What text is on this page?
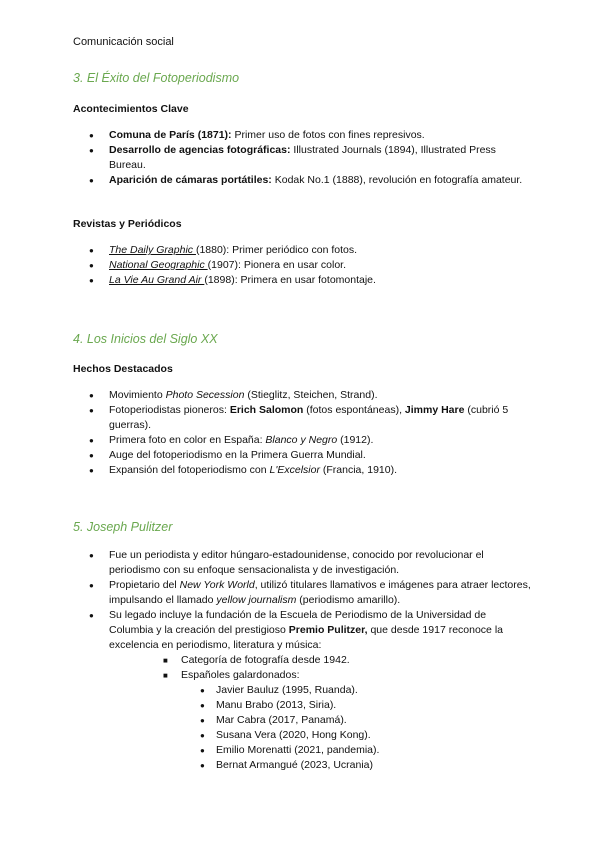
Comunicación social
3. El Éxito del Fotoperiodismo
Acontecimientos Clave
● Comuna de París (1871): Primer uso de fotos con fines represivos.
● Desarrollo de agencias fotográficas: Illustrated Journals (1894), Illustrated Press Bureau.
● Aparición de cámaras portátiles: Kodak No.1 (1888), revolución en fotografía amateur.
Revistas y Periódicos
● The Daily Graphic (1880): Primer periódico con fotos.
● National Geographic (1907): Pionera en usar color.
● La Vie Au Grand Air (1898): Primera en usar fotomontaje.
4. Los Inicios del Siglo XX
Hechos Destacados
● Movimiento Photo Secession (Stieglitz, Steichen, Strand).
● Fotoperiodistas pioneros: Erich Salomon (fotos espontáneas), Jimmy Hare (cubrió 5 guerras).
● Primera foto en color en España: Blanco y Negro (1912).
● Auge del fotoperiodismo en la Primera Guerra Mundial.
● Expansión del fotoperiodismo con L'Excelsior (Francia, 1910).
5. Joseph Pulitzer
● Fue un periodista y editor húngaro-estadounidense, conocido por revolucionar el periodismo con su enfoque sensacionalista y de investigación.
● Propietario del New York World, utilizó titulares llamativos e imágenes para atraer lectores, impulsando el llamado yellow journalism (periodismo amarillo).
● Su legado incluye la fundación de la Escuela de Periodismo de la Universidad de Columbia y la creación del prestigioso Premio Pulitzer, que desde 1917 reconoce la excelencia en periodismo, literatura y música:
■ Categoría de fotografía desde 1942.
■ Españoles galardonados:
● Javier Bauluz (1995, Ruanda).
● Manu Brabo (2013, Siria).
● Mar Cabra (2017, Panamá).
● Susana Vera (2020, Hong Kong).
● Emilio Morenatti (2021, pandemia).
● Bernat Armangué (2023, Ucrania)
